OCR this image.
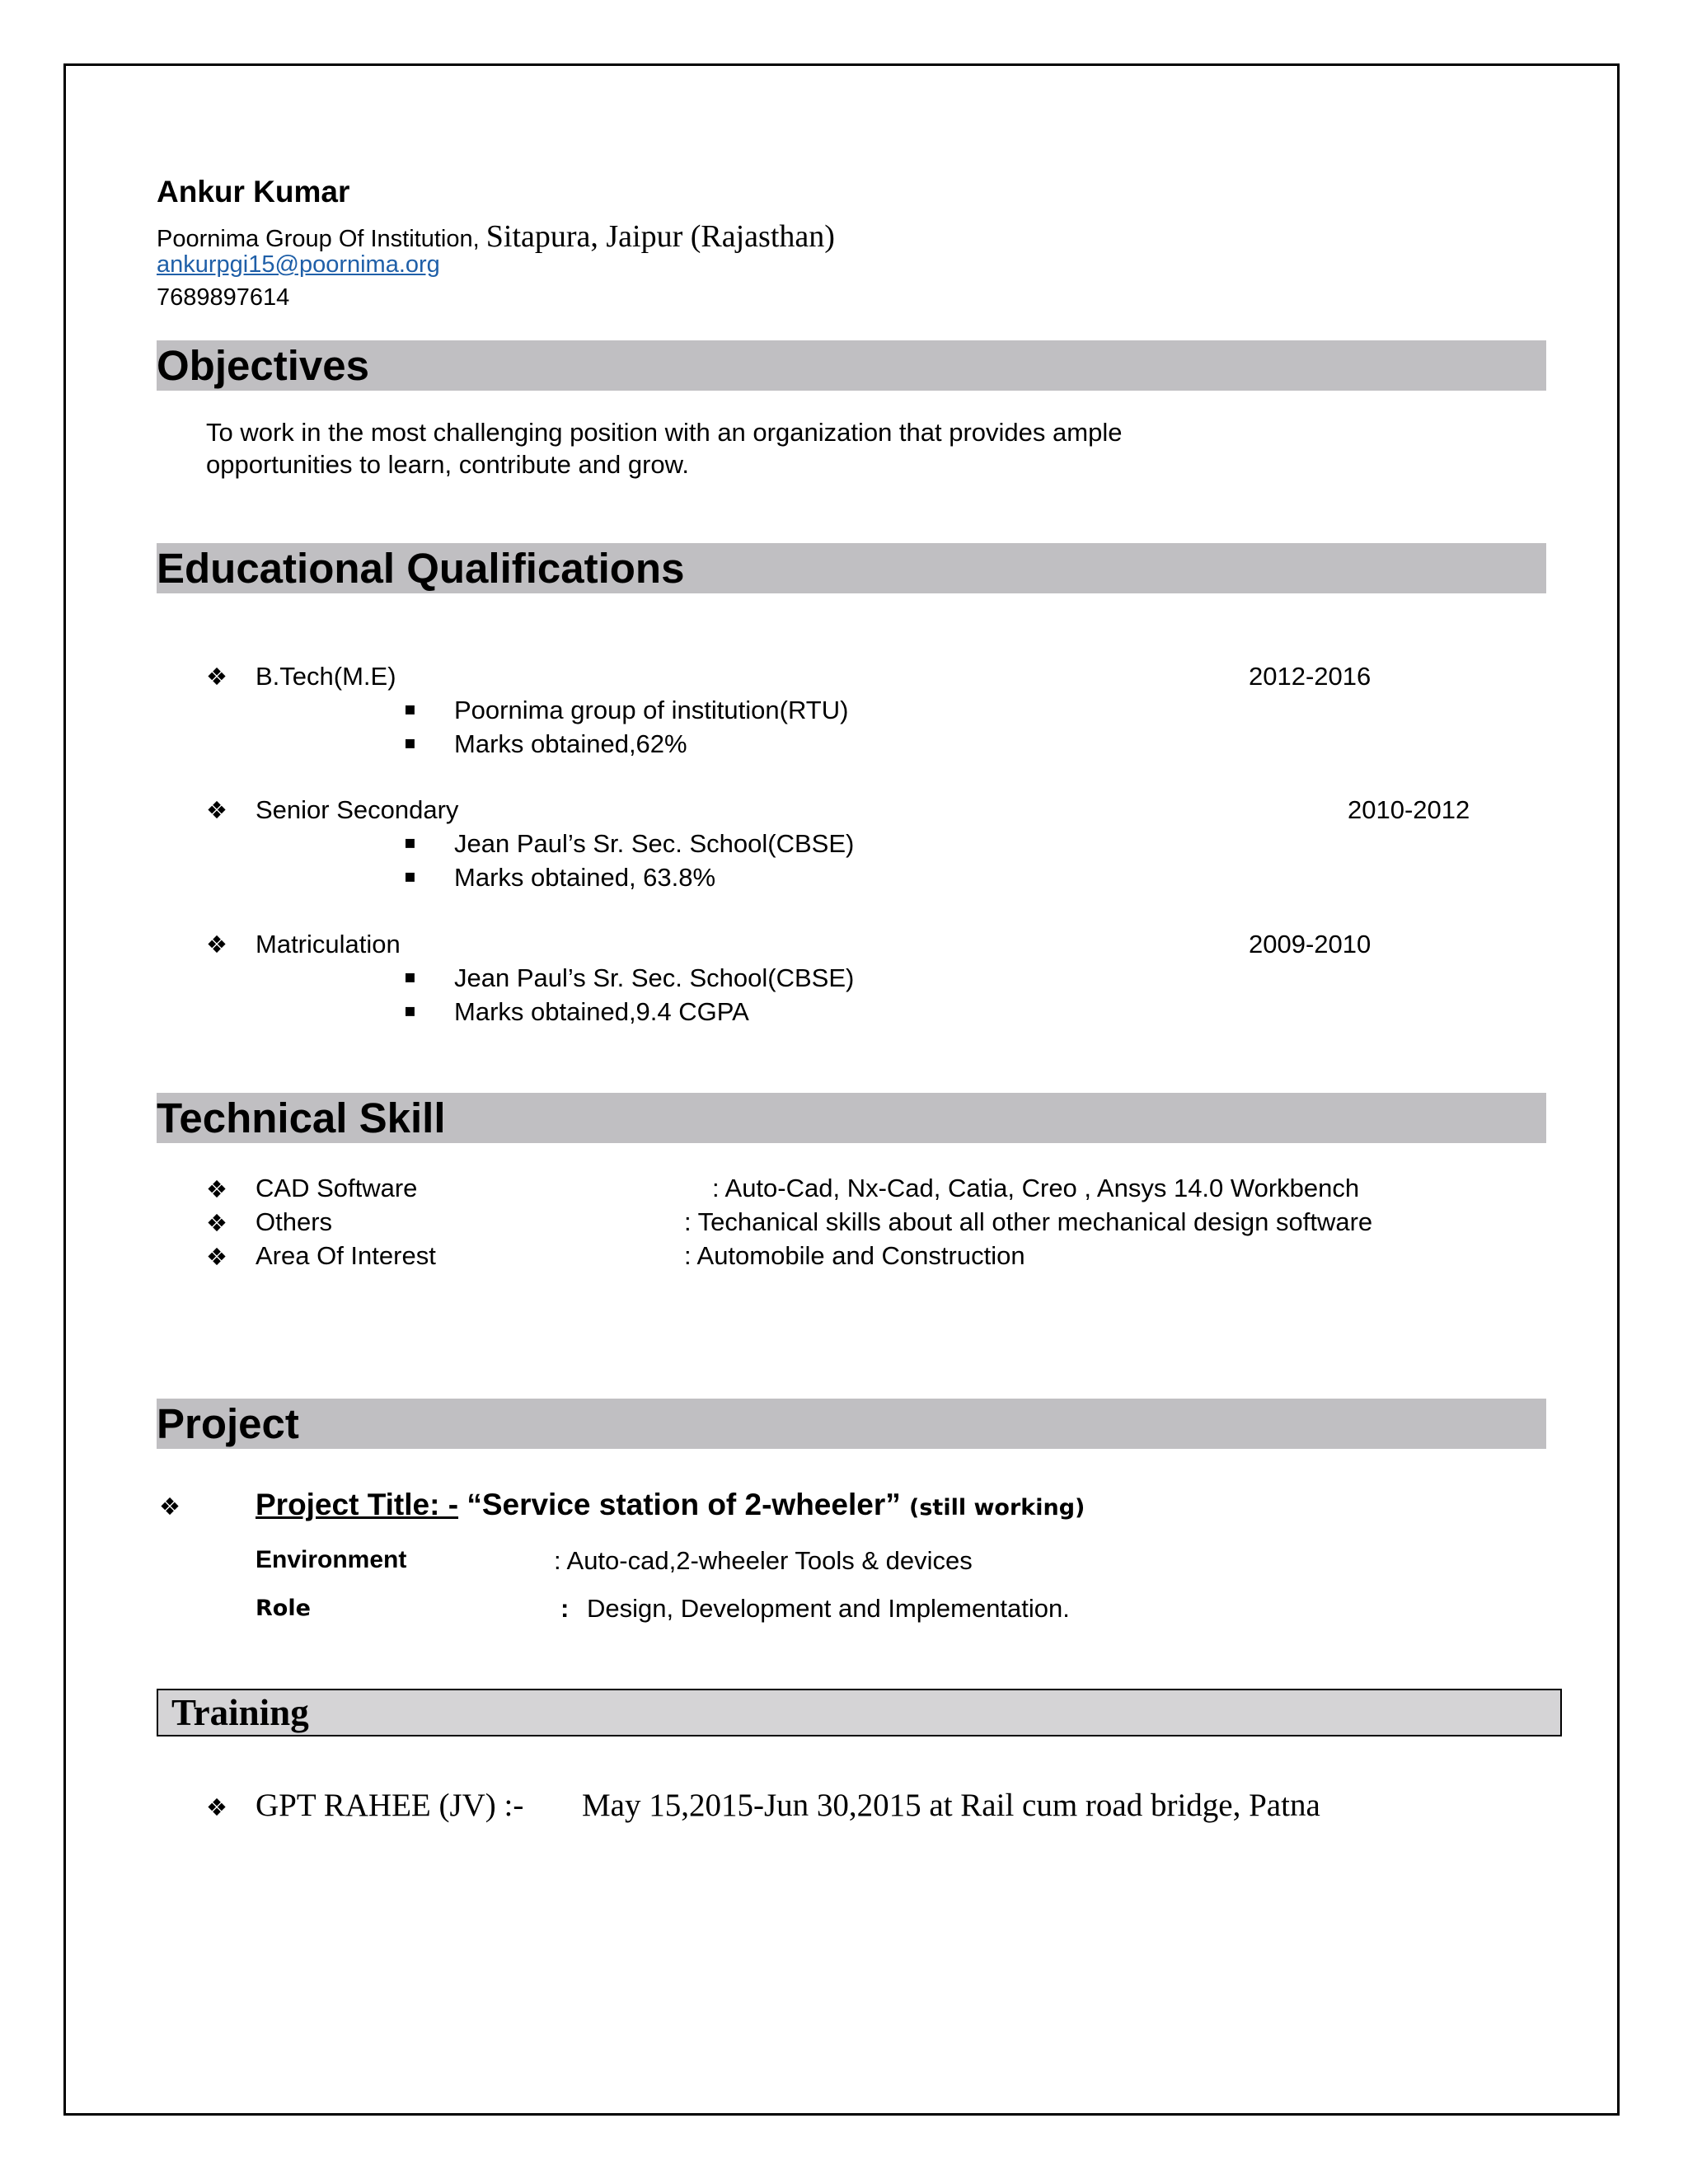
Ankur Kumar
Poornima Group Of Institution, Sitapura, Jaipur (Rajasthan)
ankurpgi15@poornima.org
7689897614
Objectives
To work in the most challenging position with an organization that provides ample
opportunities to learn, contribute and grow.
Educational Qualifications
❖ B.Tech(M.E)	2012-2016
▪ Poornima group of institution(RTU)
▪ Marks obtained,62%
❖ Senior Secondary	2010-2012
▪ Jean Paul’s Sr. Sec. School(CBSE)
▪ Marks obtained, 63.8%
❖ Matriculation	2009-2010
▪ Jean Paul’s Sr. Sec. School(CBSE)
▪ Marks obtained,9.4 CGPA
Technical Skill
❖ CAD Software	: Auto-Cad, Nx-Cad, Catia, Creo , Ansys 14.0 Workbench
❖ Others	: Techanical skills about all other mechanical design software
❖ Area Of Interest	: Automobile and Construction
Project
❖ Project Title: - “Service station of 2-wheeler” (still working)
Environment	: Auto-cad,2-wheeler Tools & devices
Role	: Design, Development and Implementation.
Training
❖ GPT RAHEE (JV) :- May 15,2015-Jun 30,2015 at Rail cum road bridge, Patna
